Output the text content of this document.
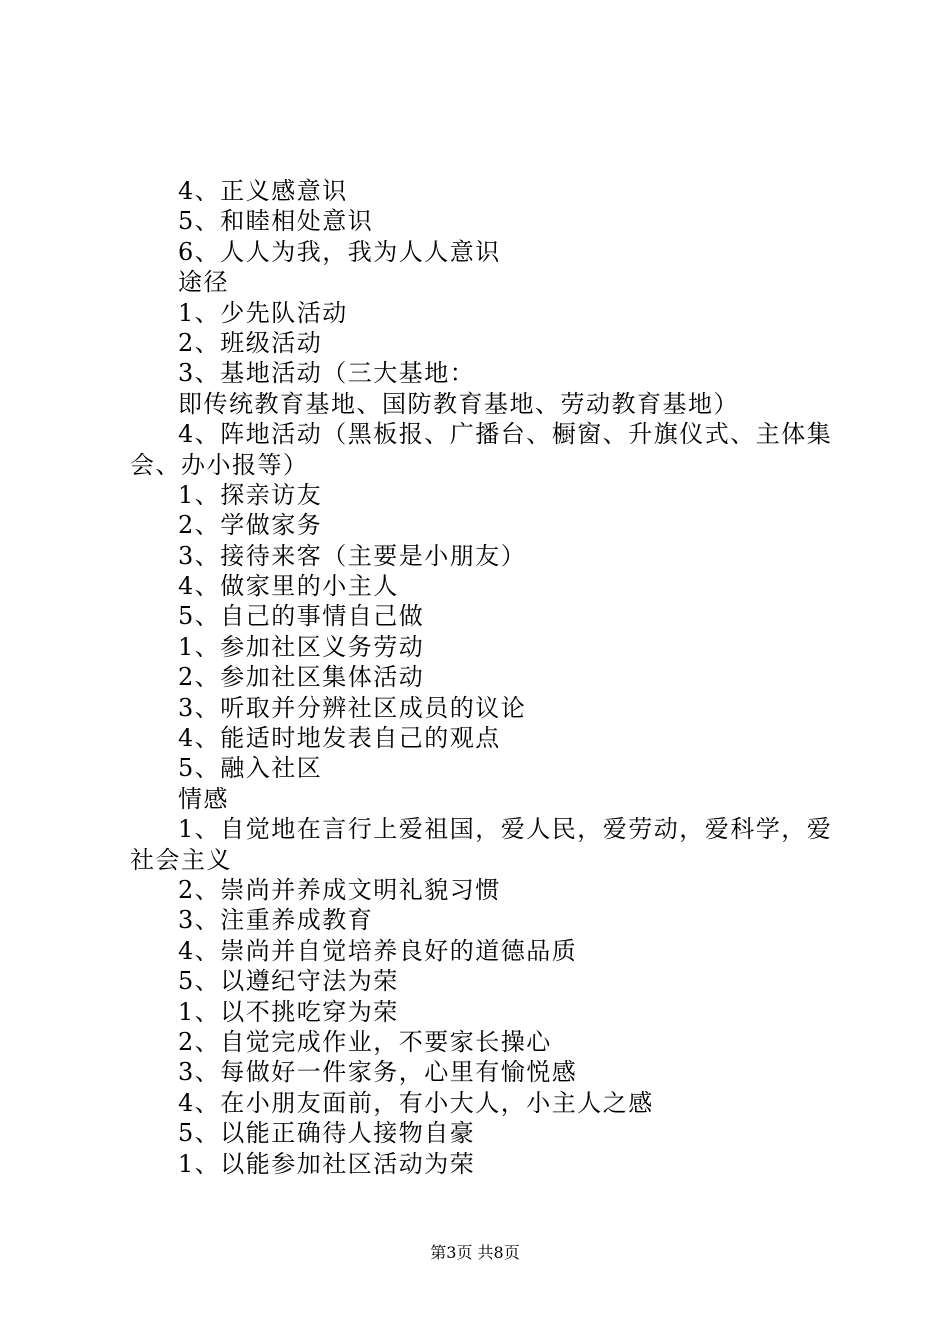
4、正义感意识
5、和睦相处意识
6、人人为我，我为人人意识
途径
1、少先队活动
2、班级活动
3、基地活动（三大基地：
即传统教育基地、国防教育基地、劳动教育基地）
4、阵地活动（黑板报、广播台、橱窗、升旗仪式、主体集
会、办小报等）
1、探亲访友
2、学做家务
3、接待来客（主要是小朋友）
4、做家里的小主人
5、自己的事情自己做
1、参加社区义务劳动
2、参加社区集体活动
3、听取并分辨社区成员的议论
4、能适时地发表自己的观点
5、融入社区
情感
1、自觉地在言行上爱祖国，爱人民，爱劳动，爱科学，爱
社会主义
2、崇尚并养成文明礼貌习惯
3、注重养成教育
4、崇尚并自觉培养良好的道德品质
5、以遵纪守法为荣
1、以不挑吃穿为荣
2、自觉完成作业，不要家长操心
3、每做好一件家务，心里有愉悦感
4、在小朋友面前，有小大人，小主人之感
5、以能正确待人接物自豪
1、以能参加社区活动为荣
第3页 共8页
